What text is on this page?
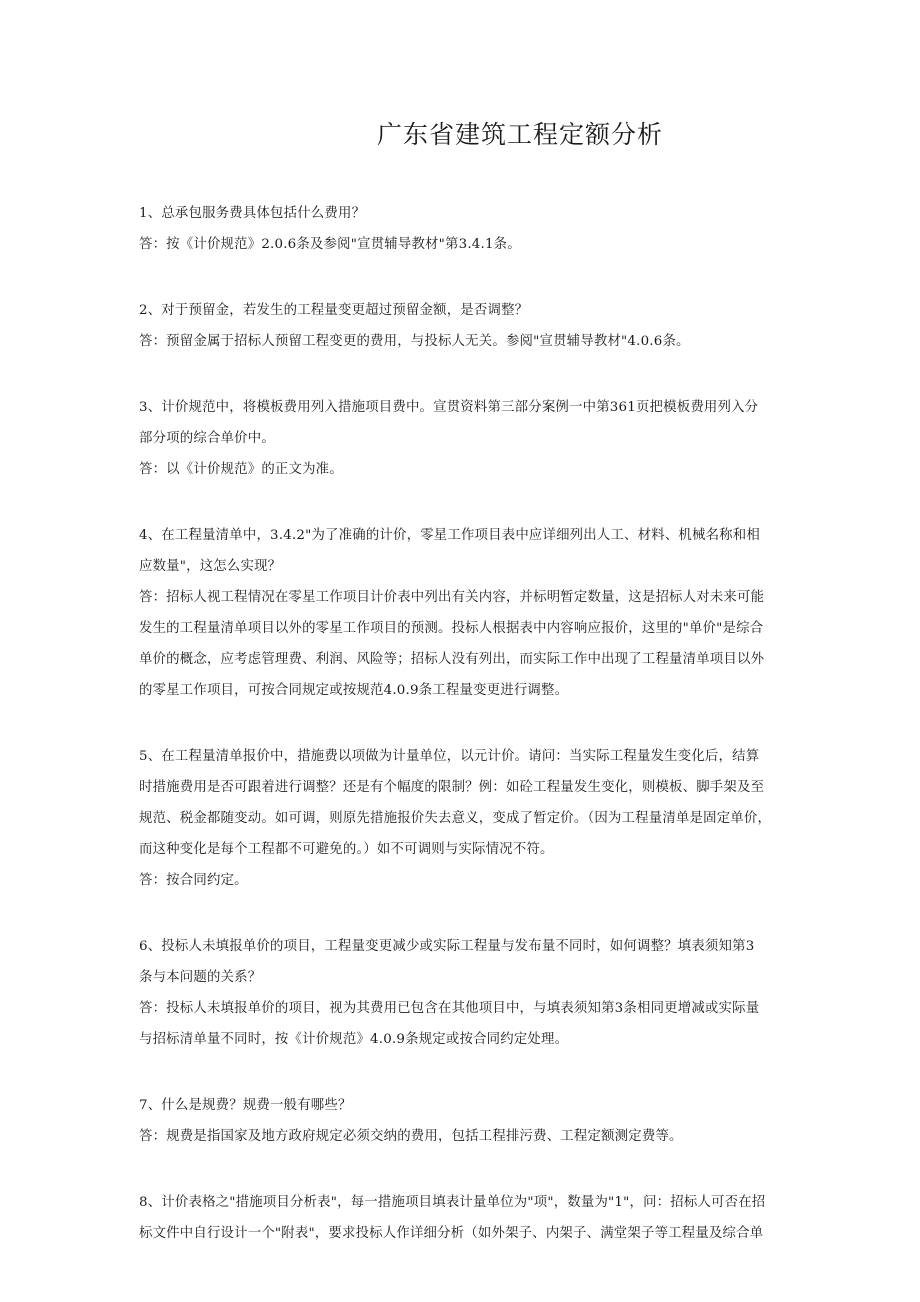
广东省建筑工程定额分析
1、总承包服务费具体包括什么费用？
答：按《计价规范》2.0.6条及参阅"宣贯辅导教材"第3.4.1条。
2、对于预留金，若发生的工程量变更超过预留金额，是否调整？
答：预留金属于招标人预留工程变更的费用，与投标人无关。参阅"宣贯辅导教材"4.0.6条。
3、计价规范中，将模板费用列入措施项目费中。宣贯资料第三部分案例一中第361页把模板费用列入分
部分项的综合单价中。
答：以《计价规范》的正文为准。
4、在工程量清单中，3.4.2"为了准确的计价，零星工作项目表中应详细列出人工、材料、机械名称和相
应数量"，这怎么实现？
答：招标人视工程情况在零星工作项目计价表中列出有关内容，并标明暂定数量，这是招标人对未来可能
发生的工程量清单项目以外的零星工作项目的预测。投标人根据表中内容响应报价，这里的"单价"是综合
单价的概念，应考虑管理费、利润、风险等；招标人没有列出，而实际工作中出现了工程量清单项目以外
的零星工作项目，可按合同规定或按规范4.0.9条工程量变更进行调整。
5、在工程量清单报价中，措施费以项做为计量单位，以元计价。请问：当实际工程量发生变化后，结算
时措施费用是否可跟着进行调整？还是有个幅度的限制？例：如砼工程量发生变化，则模板、脚手架及至
规范、税金都随变动。如可调，则原先措施报价失去意义，变成了暂定价。（因为工程量清单是固定单价，
而这种变化是每个工程都不可避免的。）如不可调则与实际情况不符。
答：按合同约定。
6、投标人未填报单价的项目，工程量变更减少或实际工程量与发布量不同时，如何调整？填表须知第3
条与本问题的关系？
答：投标人未填报单价的项目，视为其费用已包含在其他项目中，与填表须知第3条相同更增减或实际量
与招标清单量不同时，按《计价规范》4.0.9条规定或按合同约定处理。
7、什么是规费？规费一般有哪些？
答：规费是指国家及地方政府规定必须交纳的费用，包括工程排污费、工程定额测定费等。
8、计价表格之"措施项目分析表"，每一措施项目填表计量单位为"项"，数量为"1"，问：招标人可否在招
标文件中自行设计一个"附表"，要求投标人作详细分析（如外架子、内架子、满堂架子等工程量及综合单
